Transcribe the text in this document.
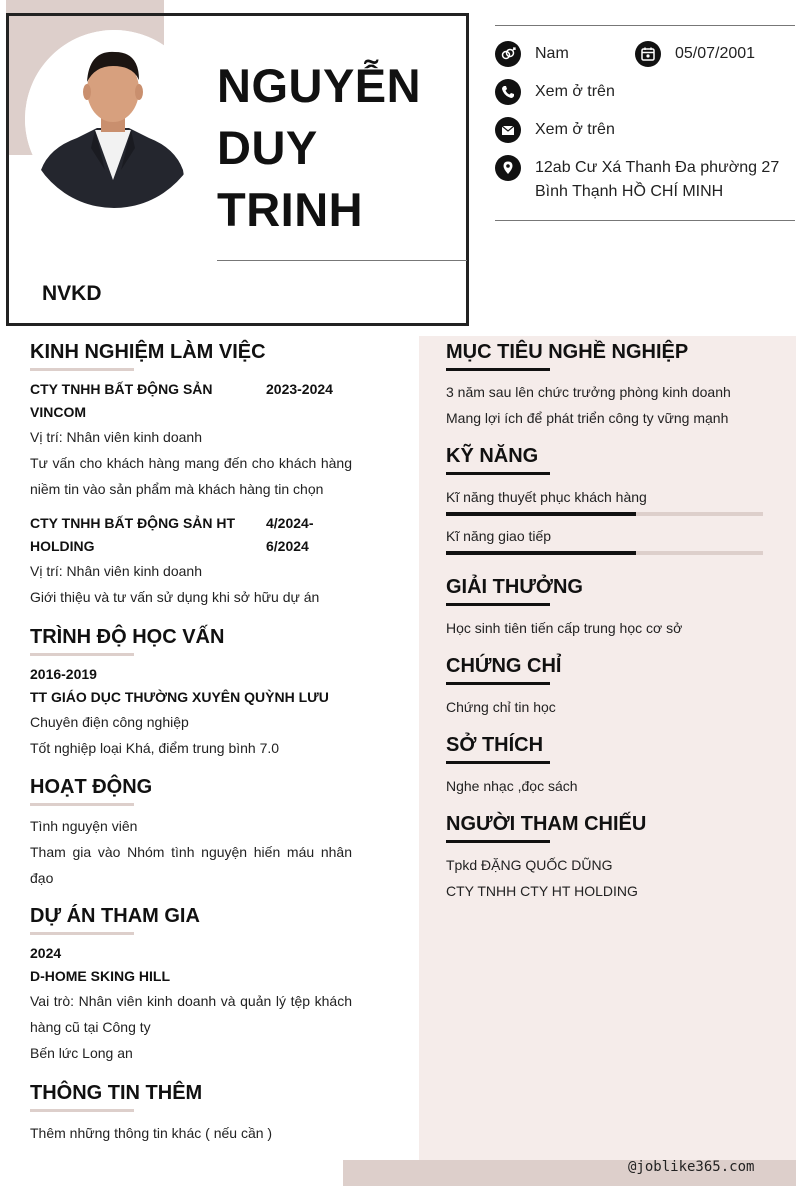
NGUYỄN
DUY
TRINH
NVKD
Nam	05/07/2001
Xem ở trên
Xem ở trên
12ab Cư Xá Thanh Đa phường 27
Bình Thạnh HỒ CHÍ MINH
KINH NGHIỆM LÀM VIỆC
CTY TNHH BẤT ĐỘNG SẢN
VINCOM
2023-2024
Vị trí: Nhân viên kinh doanh
Tư vấn cho khách hàng mang đến cho khách hàng niềm tin vào sản phẩm mà khách hàng tin chọn
CTY TNHH BẤT ĐỘNG SẢN HT
HOLDING
4/2024-
6/2024
Vị trí: Nhân viên kinh doanh
Giới thiệu và tư vấn sử dụng khi sở hữu dự án
TRÌNH ĐỘ HỌC VẤN
2016-2019
TT GIÁO DỤC THƯỜNG XUYÊN QUỲNH LƯU
Chuyên điện công nghiệp
Tốt nghiệp loại Khá, điểm trung bình 7.0
HOẠT ĐỘNG
Tình nguyện viên
Tham gia vào Nhóm tình nguyện hiến máu nhân đạo
DỰ ÁN THAM GIA
2024
D-HOME SKING HILL
Vai trò: Nhân viên kinh doanh và quản lý tệp khách hàng cũ tại Công ty
Bến lức Long an
THÔNG TIN THÊM
Thêm những thông tin khác ( nếu cần )
MỤC TIÊU NGHỀ NGHIỆP
3 năm sau lên chức trưởng phòng kinh doanh
Mang lợi ích để phát triển công ty vững mạnh
KỸ NĂNG
Kĩ năng thuyết phục khách hàng
Kĩ năng giao tiếp
GIẢI THƯỞNG
Học sinh tiên tiến cấp trung học cơ sở
CHỨNG CHỈ
Chứng chỉ tin học
SỞ THÍCH
Nghe nhạc ,đọc sách
NGƯỜI THAM CHIẾU
Tpkd ĐẶNG QUỐC DŨNG
CTY TNHH CTY HT HOLDING
@joblike365.com
